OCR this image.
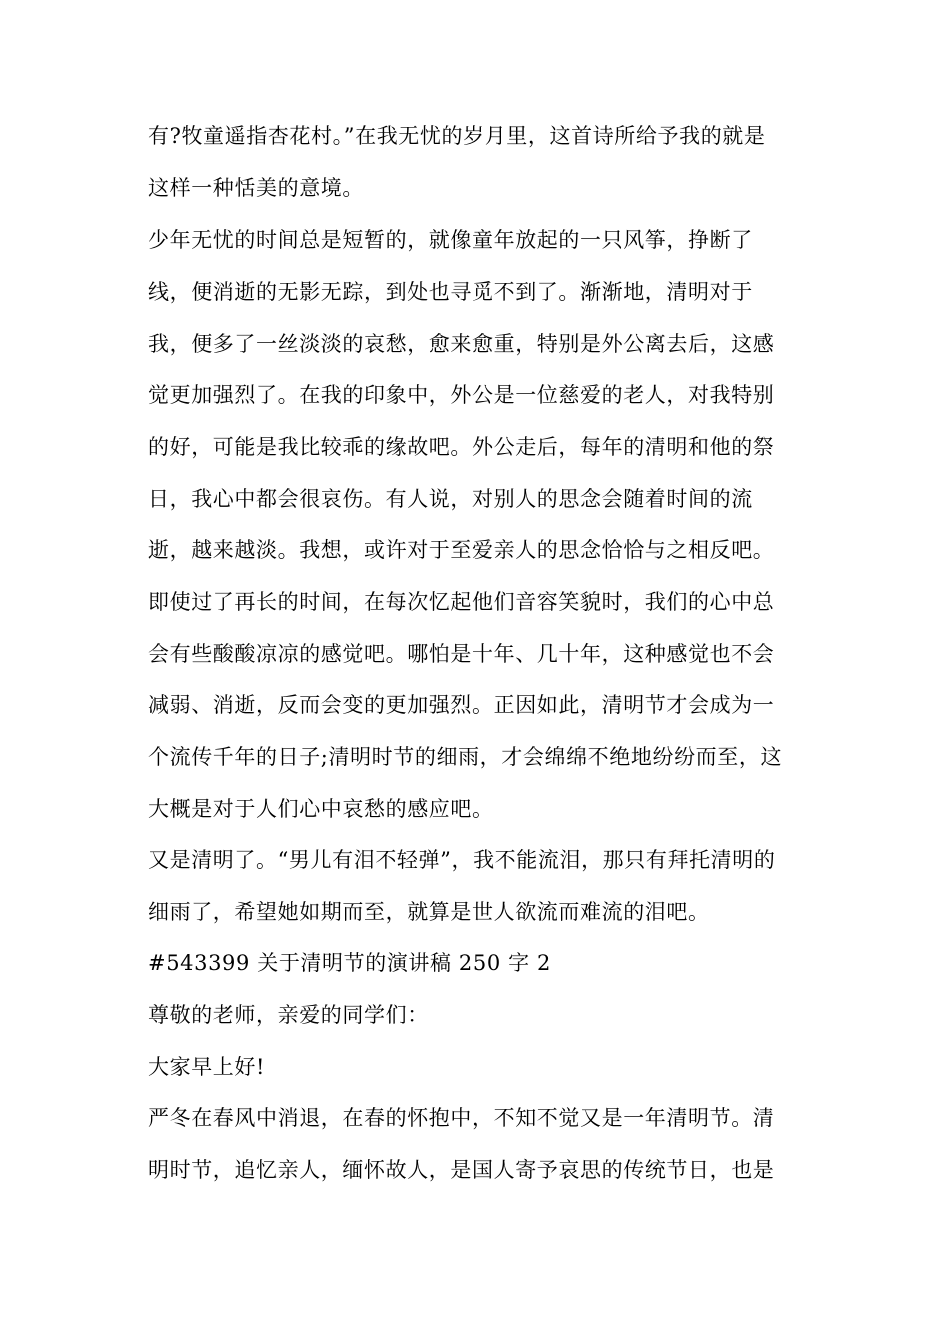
有?牧童遥指杏花村。”在我无忧的岁月里，这首诗所给予我的就是
这样一种恬美的意境。
少年无忧的时间总是短暂的，就像童年放起的一只风筝，挣断了
线，便消逝的无影无踪，到处也寻觅不到了。渐渐地，清明对于
我，便多了一丝淡淡的哀愁，愈来愈重，特别是外公离去后，这感
觉更加强烈了。在我的印象中，外公是一位慈爱的老人，对我特别
的好，可能是我比较乖的缘故吧。外公走后，每年的清明和他的祭
日，我心中都会很哀伤。有人说，对别人的思念会随着时间的流
逝，越来越淡。我想，或许对于至爱亲人的思念恰恰与之相反吧。
即使过了再长的时间，在每次忆起他们音容笑貌时，我们的心中总
会有些酸酸凉凉的感觉吧。哪怕是十年、几十年，这种感觉也不会
减弱、消逝，反而会变的更加强烈。正因如此，清明节才会成为一
个流传千年的日子;清明时节的细雨，才会绵绵不绝地纷纷而至，这
大概是对于人们心中哀愁的感应吧。
又是清明了。“男儿有泪不轻弹”，我不能流泪，那只有拜托清明的
细雨了，希望她如期而至，就算是世人欲流而难流的泪吧。
#543399 关于清明节的演讲稿 250 字 2
尊敬的老师，亲爱的同学们：
大家早上好!
严冬在春风中消退，在春的怀抱中，不知不觉又是一年清明节。清
明时节，追忆亲人，缅怀故人，是国人寄予哀思的传统节日，也是
